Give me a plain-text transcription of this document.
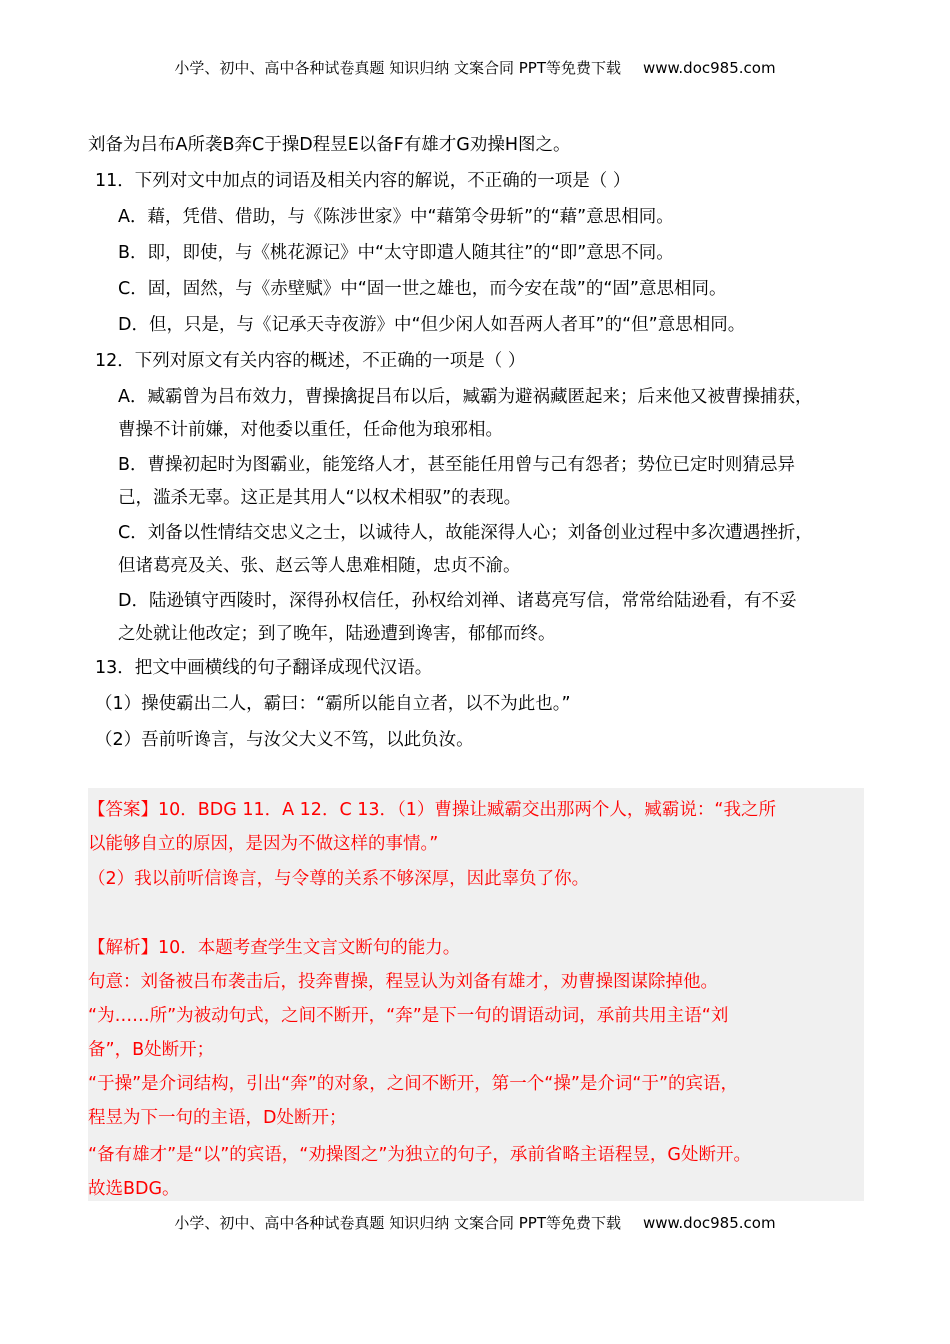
小学、初中、高中各种试卷真题 知识归纳 文案合同 PPT等免费下载 www.doc985.com
刘备为吕布A所袭B奔C于操D程昱E以备F有雄才G劝操H图之。
11．下列对文中加点的词语及相关内容的解说，不正确的一项是（ ）
A．藉，凭借、借助，与《陈涉世家》中“藉第令毋斩”的“藉”意思相同。
B．即，即使，与《桃花源记》中“太守即遣人随其往”的“即”意思不同。
C．固，固然，与《赤壁赋》中“固一世之雄也，而今安在哉”的“固”意思相同。
D．但，只是，与《记承天寺夜游》中“但少闲人如吾两人者耳”的“但”意思相同。
12．下列对原文有关内容的概述，不正确的一项是（ ）
A．臧霸曾为吕布效力，曹操擒捉吕布以后，臧霸为避祸藏匿起来；后来他又被曹操捕获，
曹操不计前嫌，对他委以重任，任命他为琅邪相。
B．曹操初起时为图霸业，能笼络人才，甚至能任用曾与己有怨者；势位已定时则猜忌异
己，滥杀无辜。这正是其用人“以权术相驭”的表现。
C．刘备以性情结交忠义之士，以诚待人，故能深得人心；刘备创业过程中多次遭遇挫折，
但诸葛亮及关、张、赵云等人患难相随，忠贞不渝。
D．陆逊镇守西陵时，深得孙权信任，孙权给刘禅、诸葛亮写信，常常给陆逊看，有不妥
之处就让他改定；到了晚年，陆逊遭到谗害，郁郁而终。
13．把文中画横线的句子翻译成现代汉语。
（1）操使霸出二人，霸曰：“霸所以能自立者，以不为此也。”
（2）吾前听谗言，与汝父大义不笃，以此负汝。
【答案】10．BDG 11．A 12．C 13．（1）曹操让臧霸交出那两个人，臧霸说：“我之所
以能够自立的原因，是因为不做这样的事情。”
（2）我以前听信谗言，与令尊的关系不够深厚，因此辜负了你。
【解析】10．本题考查学生文言文断句的能力。
句意：刘备被吕布袭击后，投奔曹操，程昱认为刘备有雄才，劝曹操图谋除掉他。
“为……所”为被动句式，之间不断开，“奔”是下一句的谓语动词，承前共用主语“刘
备”，B处断开；
“于操”是介词结构，引出“奔”的对象，之间不断开，第一个“操”是介词“于”的宾语，
程昱为下一句的主语，D处断开；
“备有雄才”是“以”的宾语，“劝操图之”为独立的句子，承前省略主语程昱，G处断开。
故选BDG。
小学、初中、高中各种试卷真题 知识归纳 文案合同 PPT等免费下载 www.doc985.com
